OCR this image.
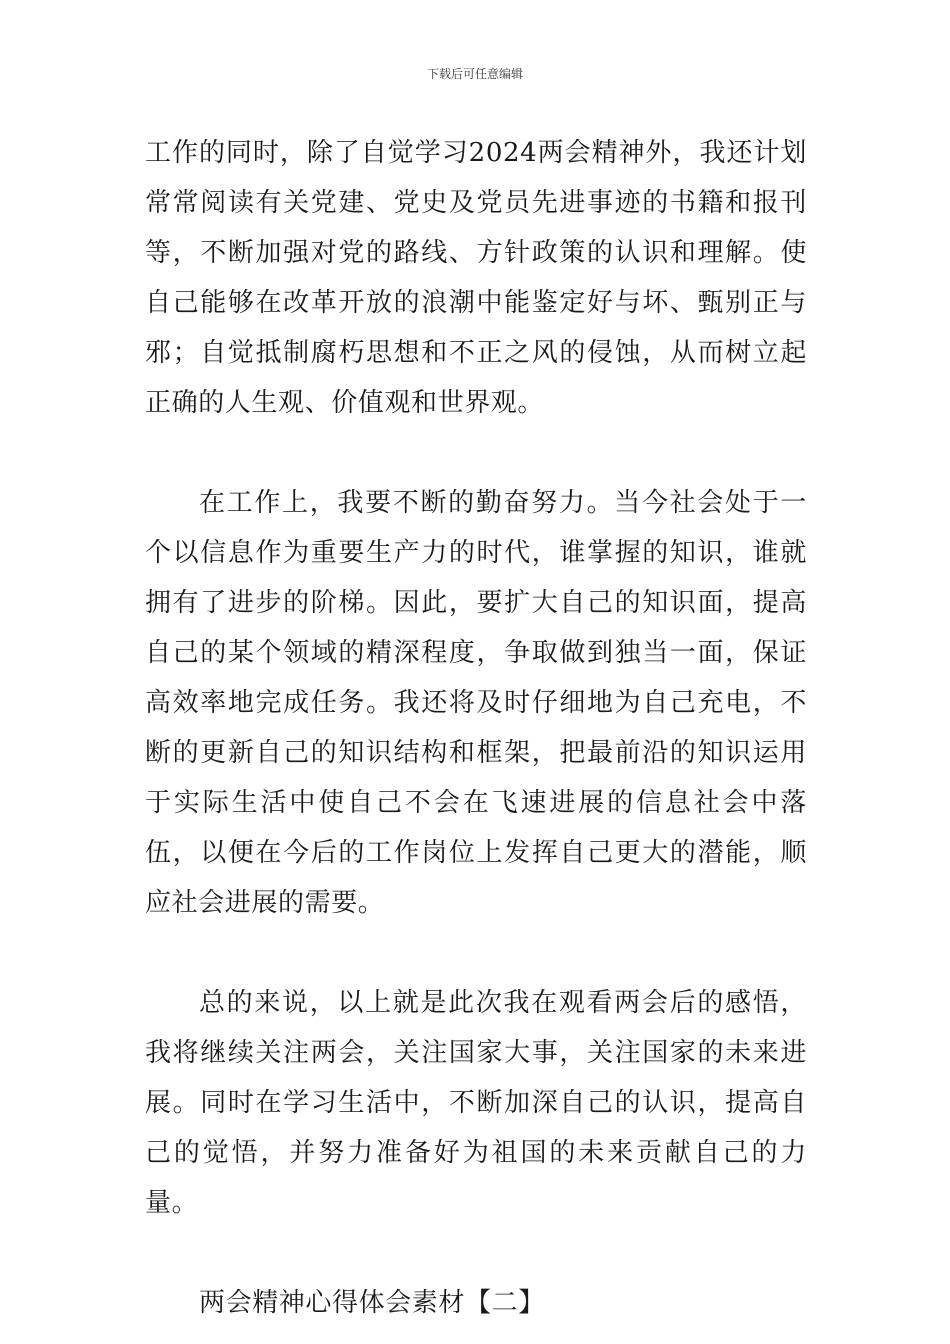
下载后可任意编辑

工作的同时，除了自觉学习2024两会精神外，我还计划常常阅读有关党建、党史及党员先进事迹的书籍和报刊等，不断加强对党的路线、方针政策的认识和理解。使自己能够在改革开放的浪潮中能鉴定好与坏、甄别正与邪；自觉抵制腐朽思想和不正之风的侵蚀，从而树立起正确的人生观、价值观和世界观。

在工作上，我要不断的勤奋努力。当今社会处于一个以信息作为重要生产力的时代，谁掌握的知识，谁就拥有了进步的阶梯。因此，要扩大自己的知识面，提高自己的某个领域的精深程度，争取做到独当一面，保证高效率地完成任务。我还将及时仔细地为自己充电，不断的更新自己的知识结构和框架，把最前沿的知识运用于实际生活中使自己不会在飞速进展的信息社会中落伍，以便在今后的工作岗位上发挥自己更大的潜能，顺应社会进展的需要。

总的来说，以上就是此次我在观看两会后的感悟，我将继续关注两会，关注国家大事，关注国家的未来进展。同时在学习生活中，不断加深自己的认识，提高自己的觉悟，并努力准备好为祖国的未来贡献自己的力量。

两会精神心得体会素材【二】
